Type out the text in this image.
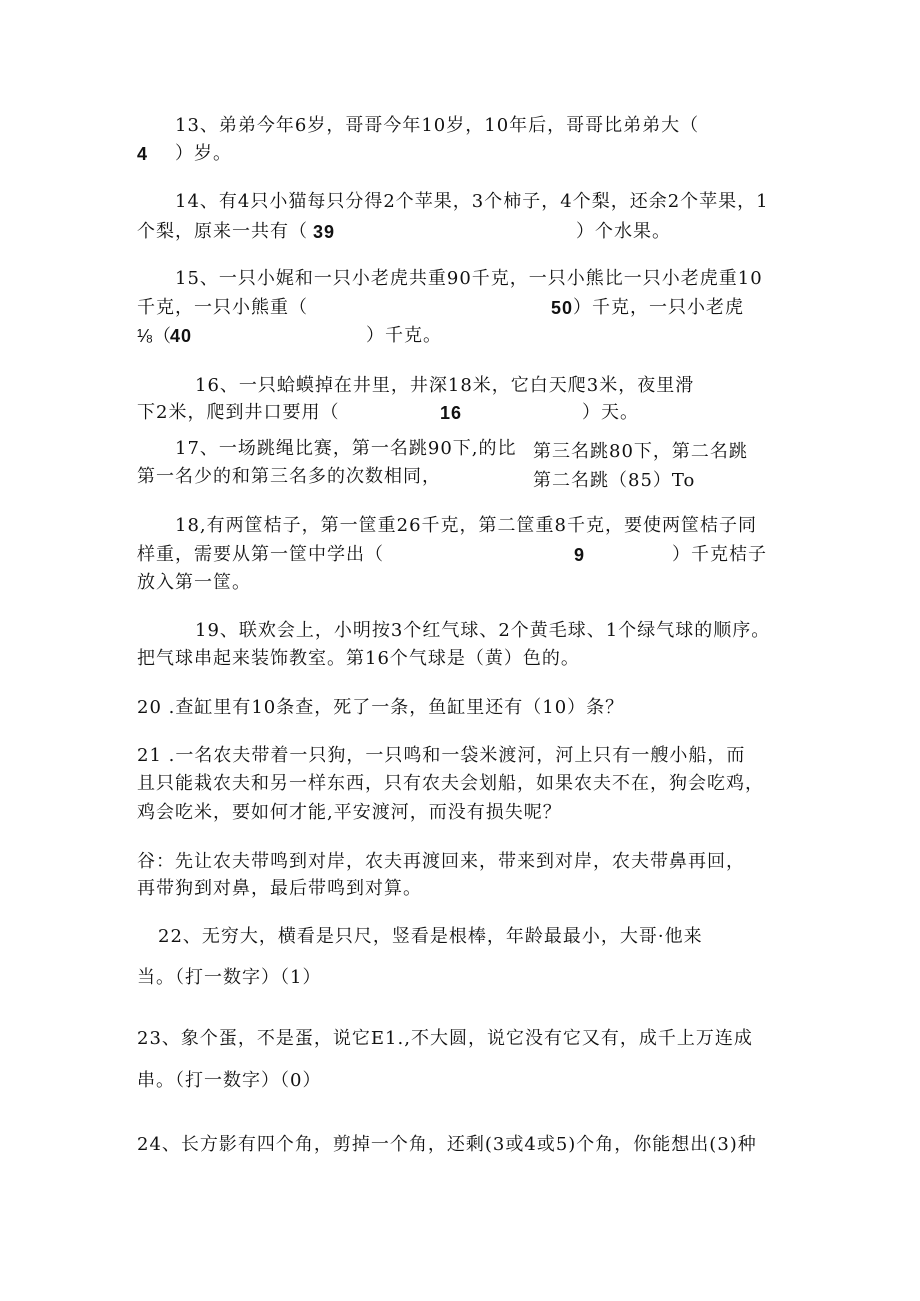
13、弟弟今年6岁，哥哥今年10岁，10年后，哥哥比弟弟大（
4 ）岁。
14、有4只小猫每只分得2个苹果，3个柿子，4个梨，还余2个苹果，1
个梨，原来一共有（ 39	）个水果。
15、一只小娓和一只小老虎共重90千克，一只小熊比一只小老虎重10
千克，一只小熊重（	50 ）千克，一只小老虎
⅛（
40	）千克。
16、一只蛤蟆掉在井里，井深18米，它白天爬3米，夜里滑
下2米，爬到井口要用（	16	）天。
17、一场跳绳比赛，第一名跳90下,的比 第三名跳80下，第二名跳
第一名少的和第三名多的次数相同，	第二名跳（85）To
18,有两筐桔子，第一筐重26千克，第二筐重8千克，要使两筐桔子同
样重，需要从第一筐中学出（	9	）千克桔子
放入第一筐。
19、联欢会上，小明按3个红气球、2个黄毛球、1个绿气球的顺序。
把气球串起来装饰教室。第16个气球是（黄）色的。
20 .查缸里有10条查，死了一条，鱼缸里还有（10）条？
21 .一名农夫带着一只狗，一只鸣和一袋米渡河，河上只有一艘小船，而
且只能栽农夫和另一样东西，只有农夫会划船，如果农夫不在，狗会吃鸡，
鸡会吃米，要如何才能,平安渡河，而没有损失呢？
谷：先让农夫带鸣到对岸，农夫再渡回来，带来到对岸，农夫带鼻再回，
再带狗到对鼻，最后带鸣到对算。
22、无穷大，横看是只尺，竖看是根棒，年龄最最小，大哥·他来
当。（打一数字）（1）
23、象个蛋，不是蛋，说它E1.,不大圆，说它没有它又有，成千上万连成
串。（打一数字）（0）
24、长方影有四个角，剪掉一个角，还剩(3或4或5)个角，你能想出(3)种
